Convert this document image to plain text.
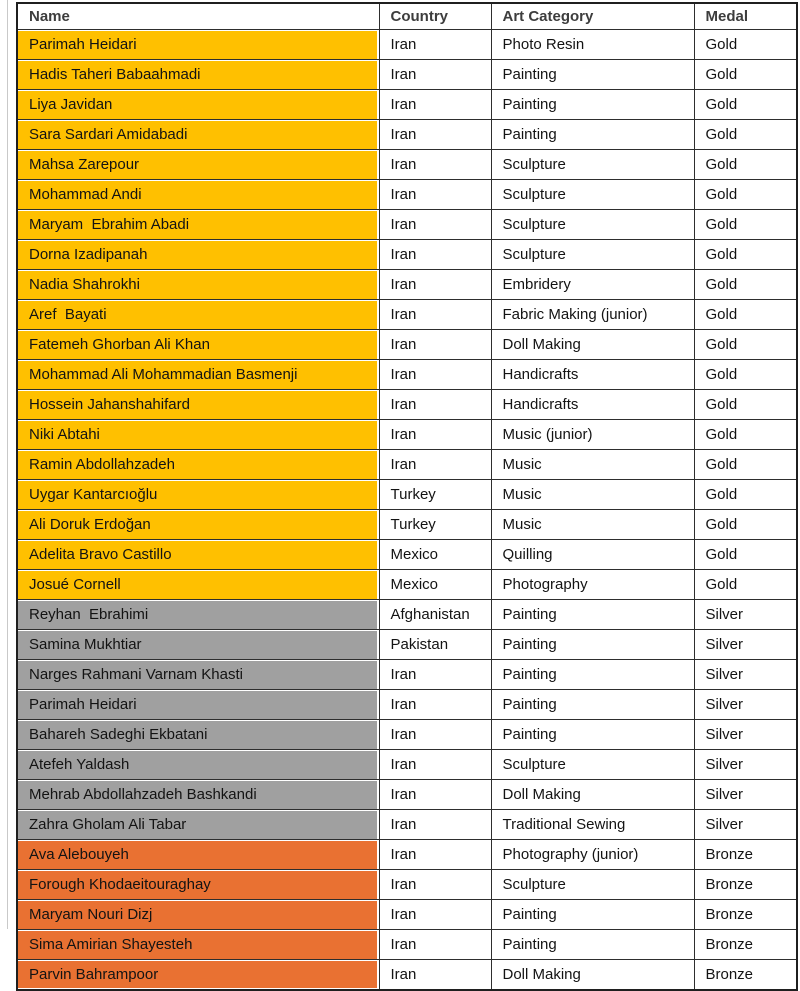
Name	Country	Art Category	Medal
Parimah Heidari	Iran	Photo Resin	Gold
Hadis Taheri Babaahmadi	Iran	Painting	Gold
Liya Javidan	Iran	Painting	Gold
Sara Sardari Amidabadi	Iran	Painting	Gold
Mahsa Zarepour	Iran	Sculpture	Gold
Mohammad Andi	Iran	Sculpture	Gold
Maryam  Ebrahim Abadi	Iran	Sculpture	Gold
Dorna Izadipanah	Iran	Sculpture	Gold
Nadia Shahrokhi	Iran	Embridery	Gold
Aref  Bayati	Iran	Fabric Making (junior)	Gold
Fatemeh Ghorban Ali Khan	Iran	Doll Making	Gold
Mohammad Ali Mohammadian Basmenji	Iran	Handicrafts	Gold
Hossein Jahanshahifard	Iran	Handicrafts	Gold
Niki Abtahi	Iran	Music (junior)	Gold
Ramin Abdollahzadeh	Iran	Music	Gold
Uygar Kantarcıoğlu	Turkey	Music	Gold
Ali Doruk Erdoğan	Turkey	Music	Gold
Adelita Bravo Castillo	Mexico	Quilling	Gold
Josué Cornell	Mexico	Photography	Gold
Reyhan  Ebrahimi	Afghanistan	Painting	Silver
Samina Mukhtiar	Pakistan	Painting	Silver
Narges Rahmani Varnam Khasti	Iran	Painting	Silver
Parimah Heidari	Iran	Painting	Silver
Bahareh Sadeghi Ekbatani	Iran	Painting	Silver
Atefeh Yaldash	Iran	Sculpture	Silver
Mehrab Abdollahzadeh Bashkandi	Iran	Doll Making	Silver
Zahra Gholam Ali Tabar	Iran	Traditional Sewing	Silver
Ava Alebouyeh	Iran	Photography (junior)	Bronze
Forough Khodaeitouraghay	Iran	Sculpture	Bronze
Maryam Nouri Dizj	Iran	Painting	Bronze
Sima Amirian Shayesteh	Iran	Painting	Bronze
Parvin Bahrampoor	Iran	Doll Making	Bronze
